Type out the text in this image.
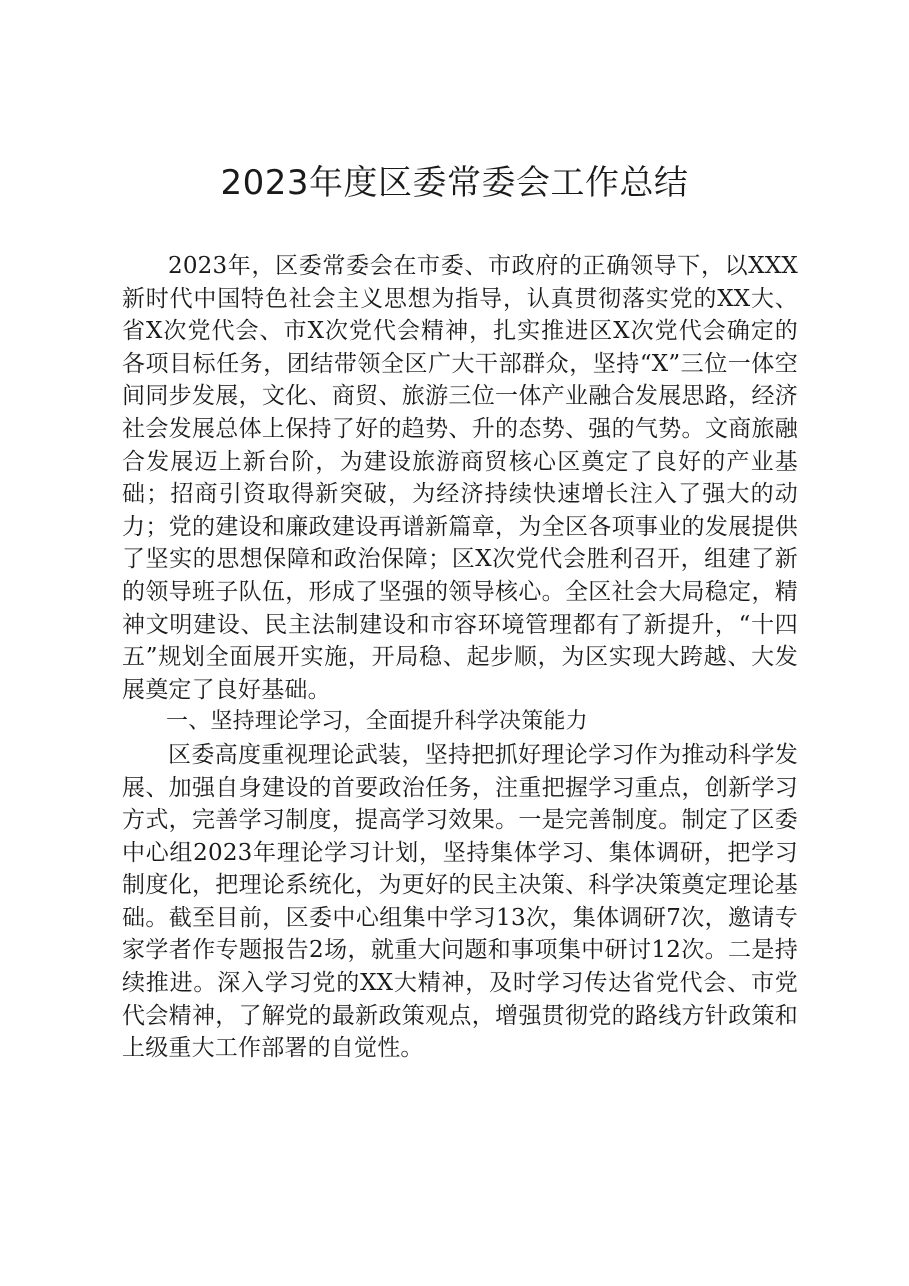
2023年度区委常委会工作总结

2023年，区委常委会在市委、市政府的正确领导下，以XXX新时代中国特色社会主义思想为指导，认真贯彻落实党的XX大、省X次党代会、市X次党代会精神，扎实推进区X次党代会确定的各项目标任务，团结带领全区广大干部群众，坚持“X”三位一体空间同步发展，文化、商贸、旅游三位一体产业融合发展思路，经济社会发展总体上保持了好的趋势、升的态势、强的气势。文商旅融合发展迈上新台阶，为建设旅游商贸核心区奠定了良好的产业基础；招商引资取得新突破，为经济持续快速增长注入了强大的动力；党的建设和廉政建设再谱新篇章，为全区各项事业的发展提供了坚实的思想保障和政治保障；区X次党代会胜利召开，组建了新的领导班子队伍，形成了坚强的领导核心。全区社会大局稳定，精神文明建设、民主法制建设和市容环境管理都有了新提升，“十四五”规划全面展开实施，开局稳、起步顺，为区实现大跨越、大发展奠定了良好基础。

一、坚持理论学习，全面提升科学决策能力

区委高度重视理论武装，坚持把抓好理论学习作为推动科学发展、加强自身建设的首要政治任务，注重把握学习重点，创新学习方式，完善学习制度，提高学习效果。一是完善制度。制定了区委中心组2023年理论学习计划，坚持集体学习、集体调研，把学习制度化，把理论系统化，为更好的民主决策、科学决策奠定理论基础。截至目前，区委中心组集中学习13次，集体调研7次，邀请专家学者作专题报告2场，就重大问题和事项集中研讨12次。二是持续推进。深入学习党的XX大精神，及时学习传达省党代会、市党代会精神，了解党的最新政策观点，增强贯彻党的路线方针政策和上级重大工作部署的自觉性。
